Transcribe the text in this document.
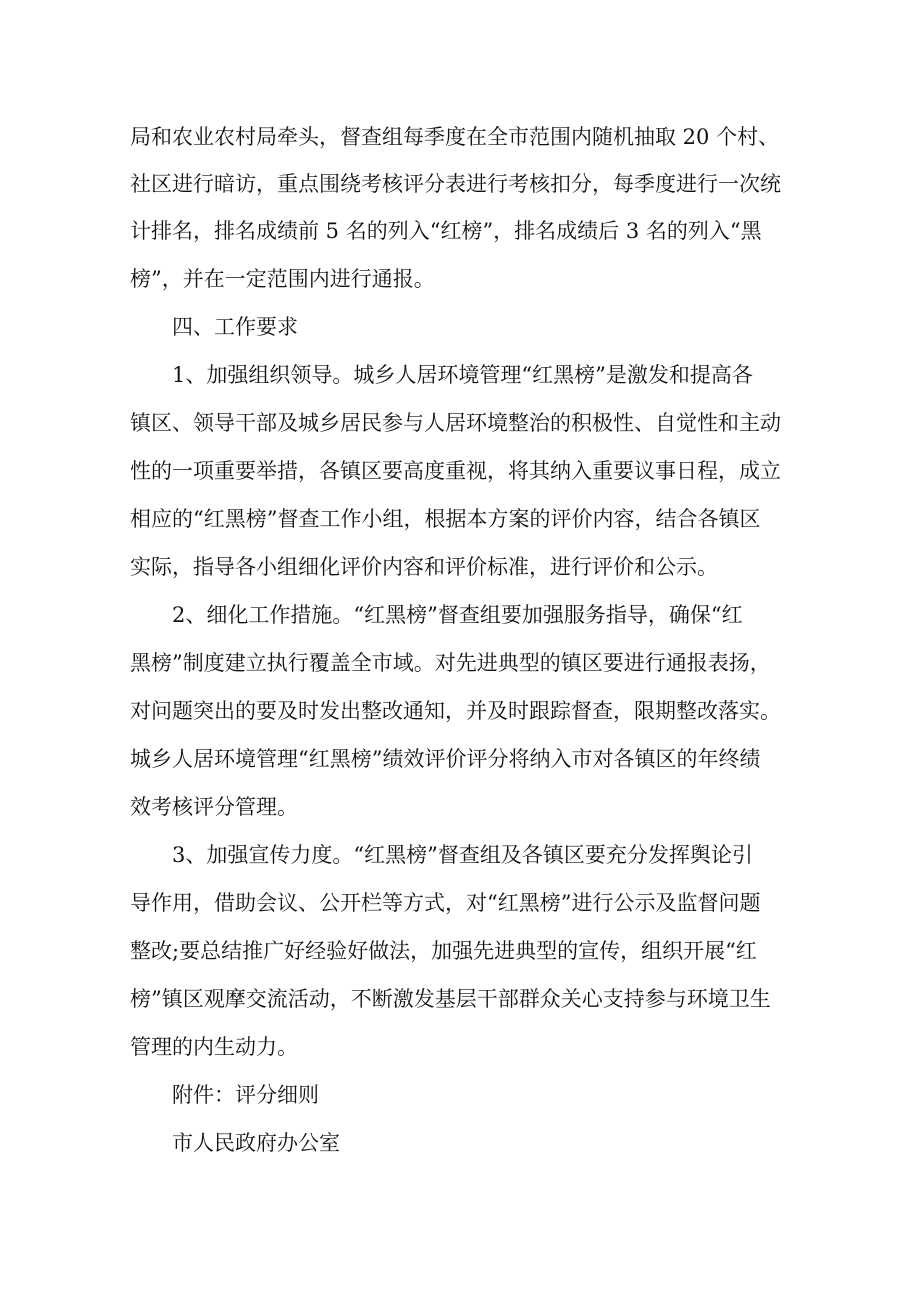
局和农业农村局牵头，督查组每季度在全市范围内随机抽取 20 个村、
社区进行暗访，重点围绕考核评分表进行考核扣分，每季度进行一次统
计排名，排名成绩前 5 名的列入“红榜”，排名成绩后 3 名的列入“黑
榜”，并在一定范围内进行通报。
四、工作要求
1、加强组织领导。城乡人居环境管理“红黑榜”是激发和提高各
镇区、领导干部及城乡居民参与人居环境整治的积极性、自觉性和主动
性的一项重要举措，各镇区要高度重视，将其纳入重要议事日程，成立
相应的“红黑榜”督查工作小组，根据本方案的评价内容，结合各镇区
实际，指导各小组细化评价内容和评价标准，进行评价和公示。
2、细化工作措施。“红黑榜”督查组要加强服务指导，确保“红
黑榜”制度建立执行覆盖全市域。对先进典型的镇区要进行通报表扬，
对问题突出的要及时发出整改通知，并及时跟踪督查，限期整改落实。
城乡人居环境管理“红黑榜”绩效评价评分将纳入市对各镇区的年终绩
效考核评分管理。
3、加强宣传力度。“红黑榜”督查组及各镇区要充分发挥舆论引
导作用，借助会议、公开栏等方式，对“红黑榜”进行公示及监督问题
整改;要总结推广好经验好做法，加强先进典型的宣传，组织开展“红
榜”镇区观摩交流活动，不断激发基层干部群众关心支持参与环境卫生
管理的内生动力。
附件：评分细则
市人民政府办公室
